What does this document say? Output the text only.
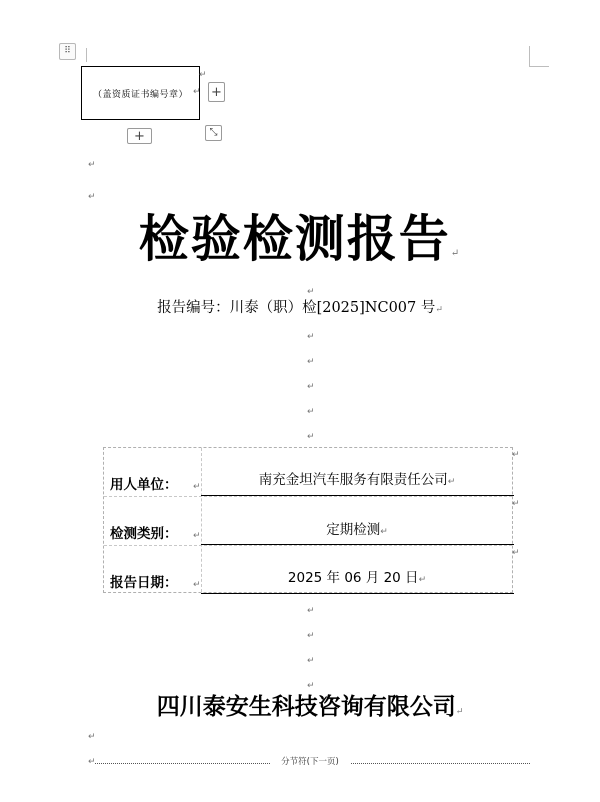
⠿
（盖资质证书编号章） ↵
↵
+
+	⤡
↵
↵
检验检测报告↵
↵
报告编号：川泰（职）检[2025]NC007 号↵
↵
↵
↵
↵
↵
用人单位： ↵	南充金坦汽车服务有限责任公司↵
↵
检测类别： ↵	定期检测↵
↵
报告日期： ↵	2025 年 06 月 20 日↵
↵
↵
↵
↵
↵
四川泰安生科技咨询有限公司↵
↵
↵	分节符(下一页)
